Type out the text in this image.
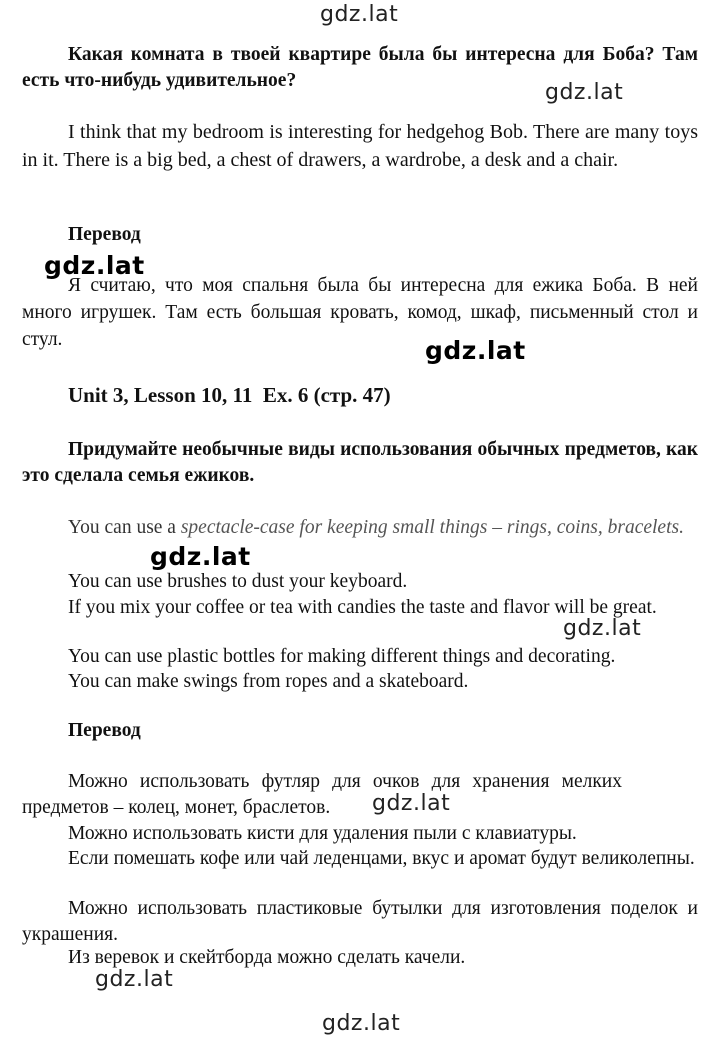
gdz.lat
gdz.lat
gdz.lat
gdz.lat
gdz.lat
gdz.lat
gdz.lat
gdz.lat
gdz.lat
Какая комната в твоей квартире была бы интересна для Боба? Там есть что-нибудь удивительное?
I think that my bedroom is interesting for hedgehog Bob. There are many toys in it. There is a big bed, a chest of drawers, a wardrobe, a desk and a chair.
Перевод
Я считаю, что моя спальня была бы интересна для ежика Боба. В ней много игрушек. Там есть большая кровать, комод, шкаф, письменный стол и стул.
Unit 3, Lesson 10, 11  Ex. 6 (стр. 47)
Придумайте необычные виды использования обычных предметов, как это сделала семья ежиков.
You can use a spectacle-case for keeping small things – rings, coins, bracelets.
You can use brushes to dust your keyboard.
If you mix your coffee or tea with candies the taste and flavor will be great.
You can use plastic bottles for making different things and decorating.
You can make swings from ropes and a skateboard.
Перевод
Можно использовать футляр для очков для хранения мелких предметов – колец, монет, браслетов.
Можно использовать кисти для удаления пыли с клавиатуры.
Если помешать кофе или чай леденцами, вкус и аромат будут великолепны.
Можно использовать пластиковые бутылки для изготовления поделок и украшения.
Из веревок и скейтборда можно сделать качели.
